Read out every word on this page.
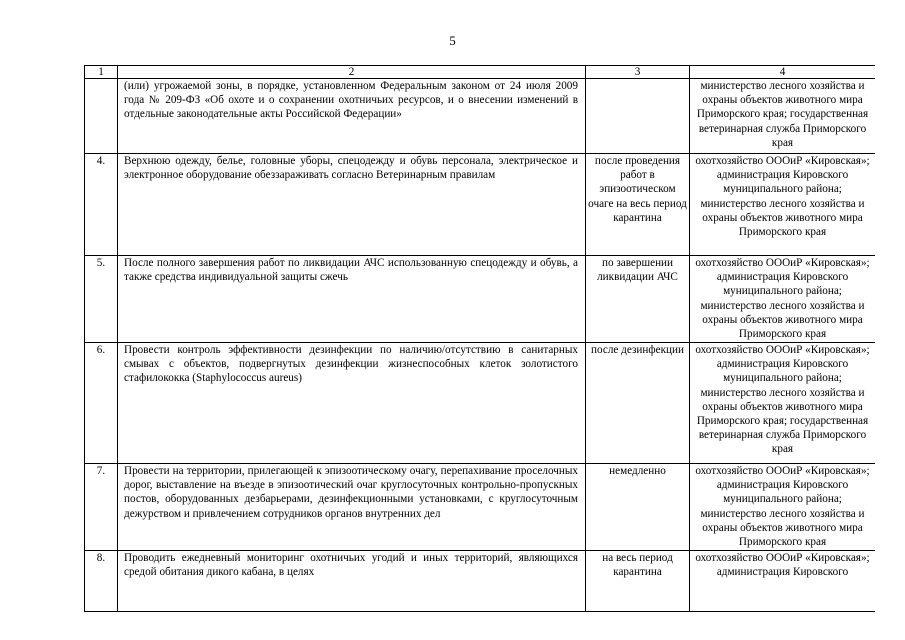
5
1	2	3	4
	(или) угрожаемой зоны, в порядке, установленном Федеральным законом от 24 июля 2009 года № 209-ФЗ «Об охоте и о сохранении охотничьих ресурсов, и о внесении изменений в отдельные законодательные акты Российской Федерации»		министерство лесного хозяйства и охраны объектов животного мира Приморского края; государственная ветеринарная служба Приморского края
4.	Верхнюю одежду, белье, головные уборы, спецодежду и обувь персонала, электрическое и электронное оборудование обеззараживать согласно Ветеринарным правилам	после проведения работ в эпизоотическом очаге на весь период карантина	охотхозяйство ОООиР «Кировская»; администрация Кировского муниципального района; министерство лесного хозяйства и охраны объектов животного мира Приморского края
5.	После полного завершения работ по ликвидации АЧС использованную спецодежду и обувь, а также средства индивидуальной защиты сжечь	по завершении ликвидации АЧС	охотхозяйство ОООиР «Кировская»; администрация Кировского муниципального района; министерство лесного хозяйства и охраны объектов животного мира Приморского края
6.	Провести контроль эффективности дезинфекции по наличию/отсутствию в санитарных смывах с объектов, подвергнутых дезинфекции жизнеспособных клеток золотистого стафилококка (Staphylococcus aureus)	после дезинфекции	охотхозяйство ОООиР «Кировская»; администрация Кировского муниципального района; министерство лесного хозяйства и охраны объектов животного мира Приморского края; государственная ветеринарная служба Приморского края
7.	Провести на территории, прилегающей к эпизоотическому очагу, перепахивание проселочных дорог, выставление на въезде в эпизоотический очаг круглосуточных контрольно-пропускных постов, оборудованных дезбарьерами, дезинфекционными установками, с круглосуточным дежурством и привлечением сотрудников органов внутренних дел	немедленно	охотхозяйство ОООиР «Кировская»; администрация Кировского муниципального района; министерство лесного хозяйства и охраны объектов животного мира Приморского края
8.	Проводить ежедневный мониторинг охотничьих угодий и иных территорий, являющихся средой обитания дикого кабана, в целях	на весь период карантина	охотхозяйство ОООиР «Кировская»; администрация Кировского
